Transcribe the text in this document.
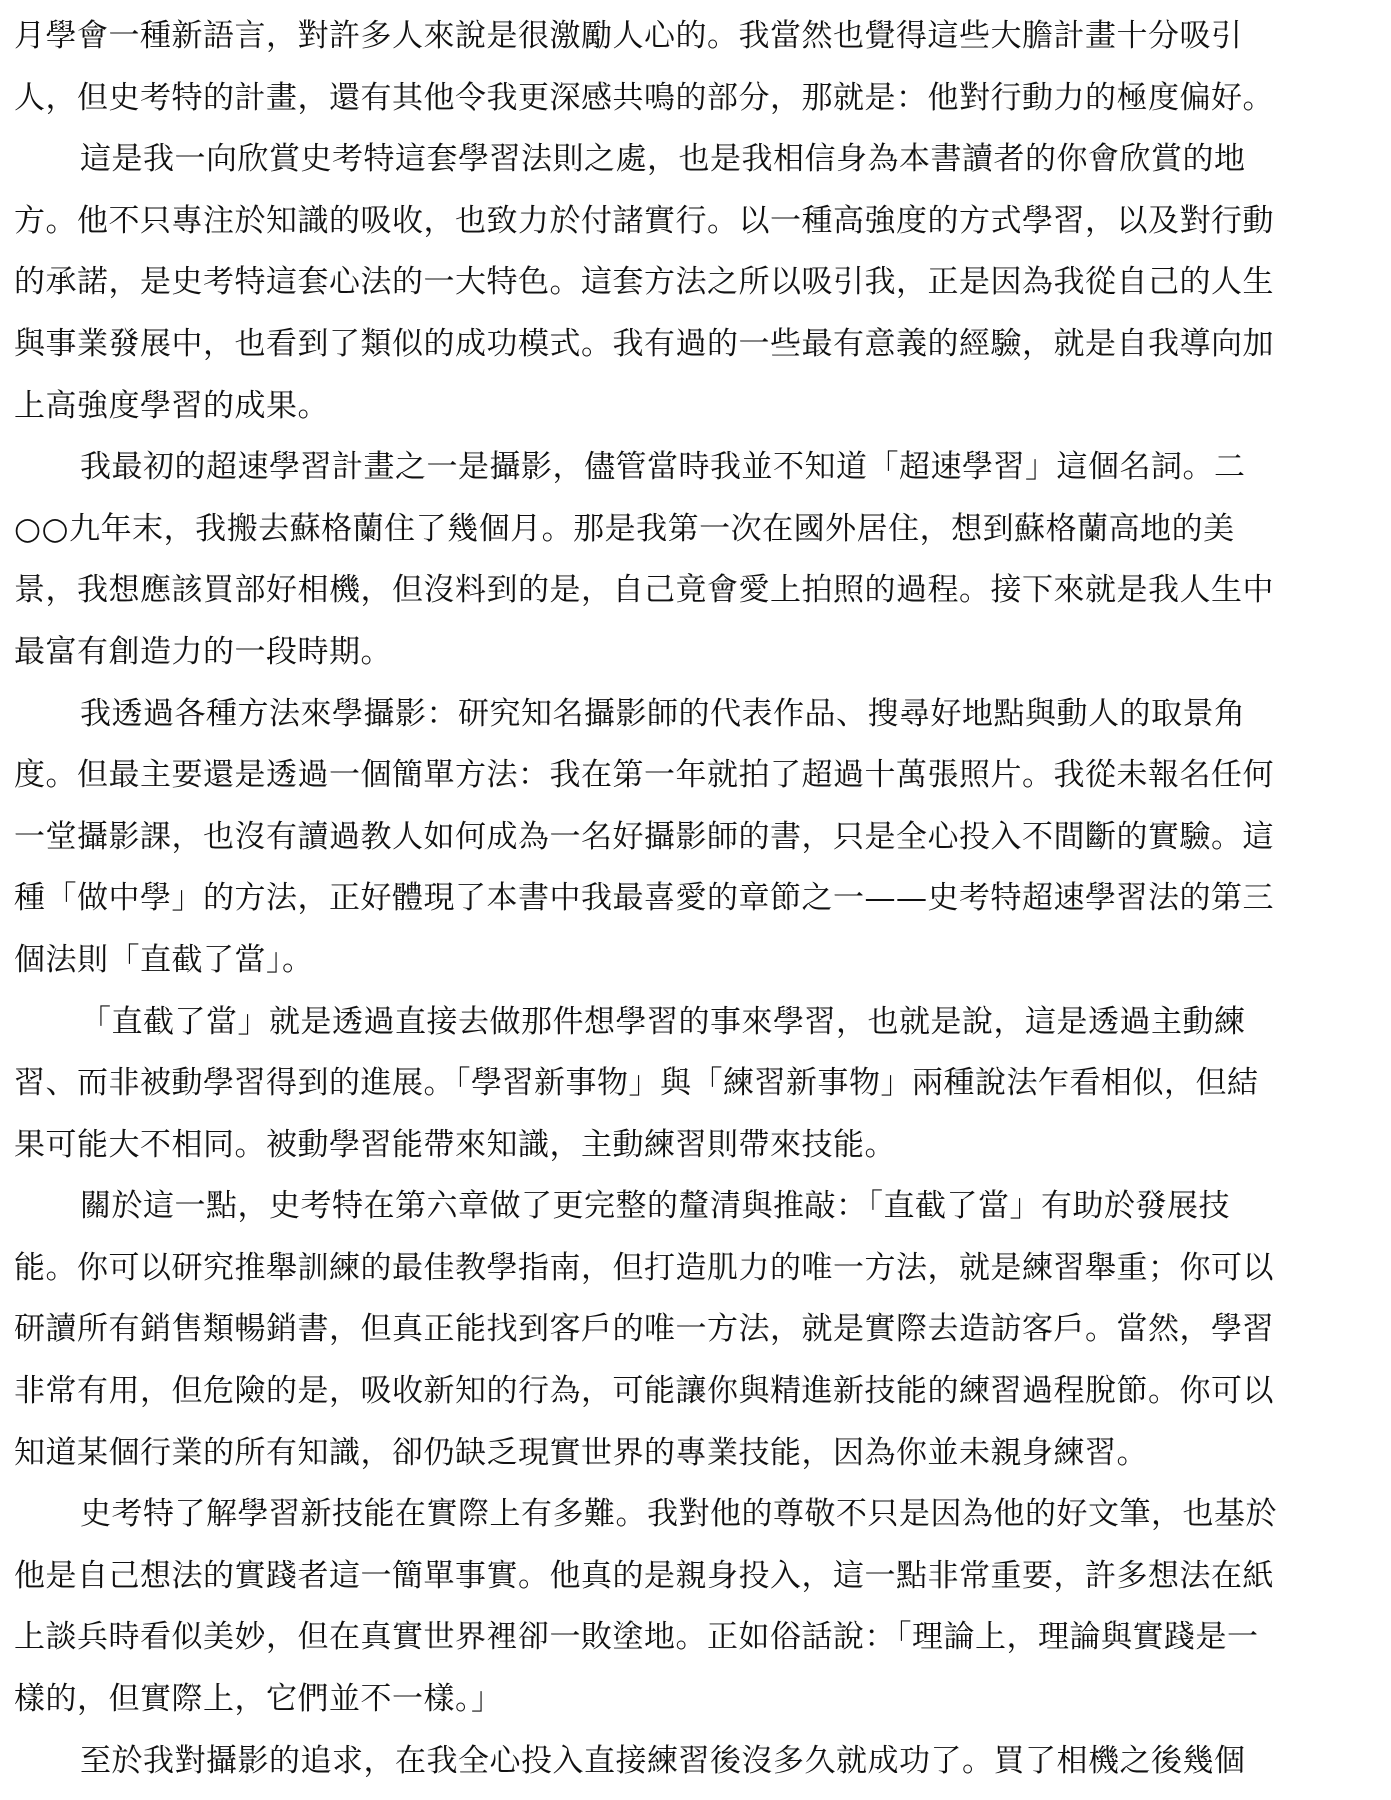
月學會一種新語言，對許多人來說是很激勵人心的。我當然也覺得這些大膽計畫十分吸引
人，但史考特的計畫，還有其他令我更深感共鳴的部分，那就是：他對行動力的極度偏好。
這是我一向欣賞史考特這套學習法則之處，也是我相信身為本書讀者的你會欣賞的地
方。他不只專注於知識的吸收，也致力於付諸實行。以一種高強度的方式學習，以及對行動
的承諾，是史考特這套心法的一大特色。這套方法之所以吸引我，正是因為我從自己的人生
與事業發展中，也看到了類似的成功模式。我有過的一些最有意義的經驗，就是自我導向加
上高強度學習的成果。
我最初的超速學習計畫之一是攝影，儘管當時我並不知道「超速學習」這個名詞。二
○○九年末，我搬去蘇格蘭住了幾個月。那是我第一次在國外居住，想到蘇格蘭高地的美
景，我想應該買部好相機，但沒料到的是，自己竟會愛上拍照的過程。接下來就是我人生中
最富有創造力的一段時期。
我透過各種方法來學攝影：研究知名攝影師的代表作品、搜尋好地點與動人的取景角
度。但最主要還是透過一個簡單方法：我在第一年就拍了超過十萬張照片。我從未報名任何
一堂攝影課，也沒有讀過教人如何成為一名好攝影師的書，只是全心投入不間斷的實驗。這
種「做中學」的方法，正好體現了本書中我最喜愛的章節之一——史考特超速學習法的第三
個法則「直截了當」。
「直截了當」就是透過直接去做那件想學習的事來學習，也就是說，這是透過主動練
習、而非被動學習得到的進展。「學習新事物」與「練習新事物」兩種說法乍看相似，但結
果可能大不相同。被動學習能帶來知識，主動練習則帶來技能。
關於這一點，史考特在第六章做了更完整的釐清與推敲：「直截了當」有助於發展技
能。你可以研究推舉訓練的最佳教學指南，但打造肌力的唯一方法，就是練習舉重；你可以
研讀所有銷售類暢銷書，但真正能找到客戶的唯一方法，就是實際去造訪客戶。當然，學習
非常有用，但危險的是，吸收新知的行為，可能讓你與精進新技能的練習過程脫節。你可以
知道某個行業的所有知識，卻仍缺乏現實世界的專業技能，因為你並未親身練習。
史考特了解學習新技能在實際上有多難。我對他的尊敬不只是因為他的好文筆，也基於
他是自己想法的實踐者這一簡單事實。他真的是親身投入，這一點非常重要，許多想法在紙
上談兵時看似美妙，但在真實世界裡卻一敗塗地。正如俗話說：「理論上，理論與實踐是一
樣的，但實際上，它們並不一樣。」
至於我對攝影的追求，在我全心投入直接練習後沒多久就成功了。買了相機之後幾個
